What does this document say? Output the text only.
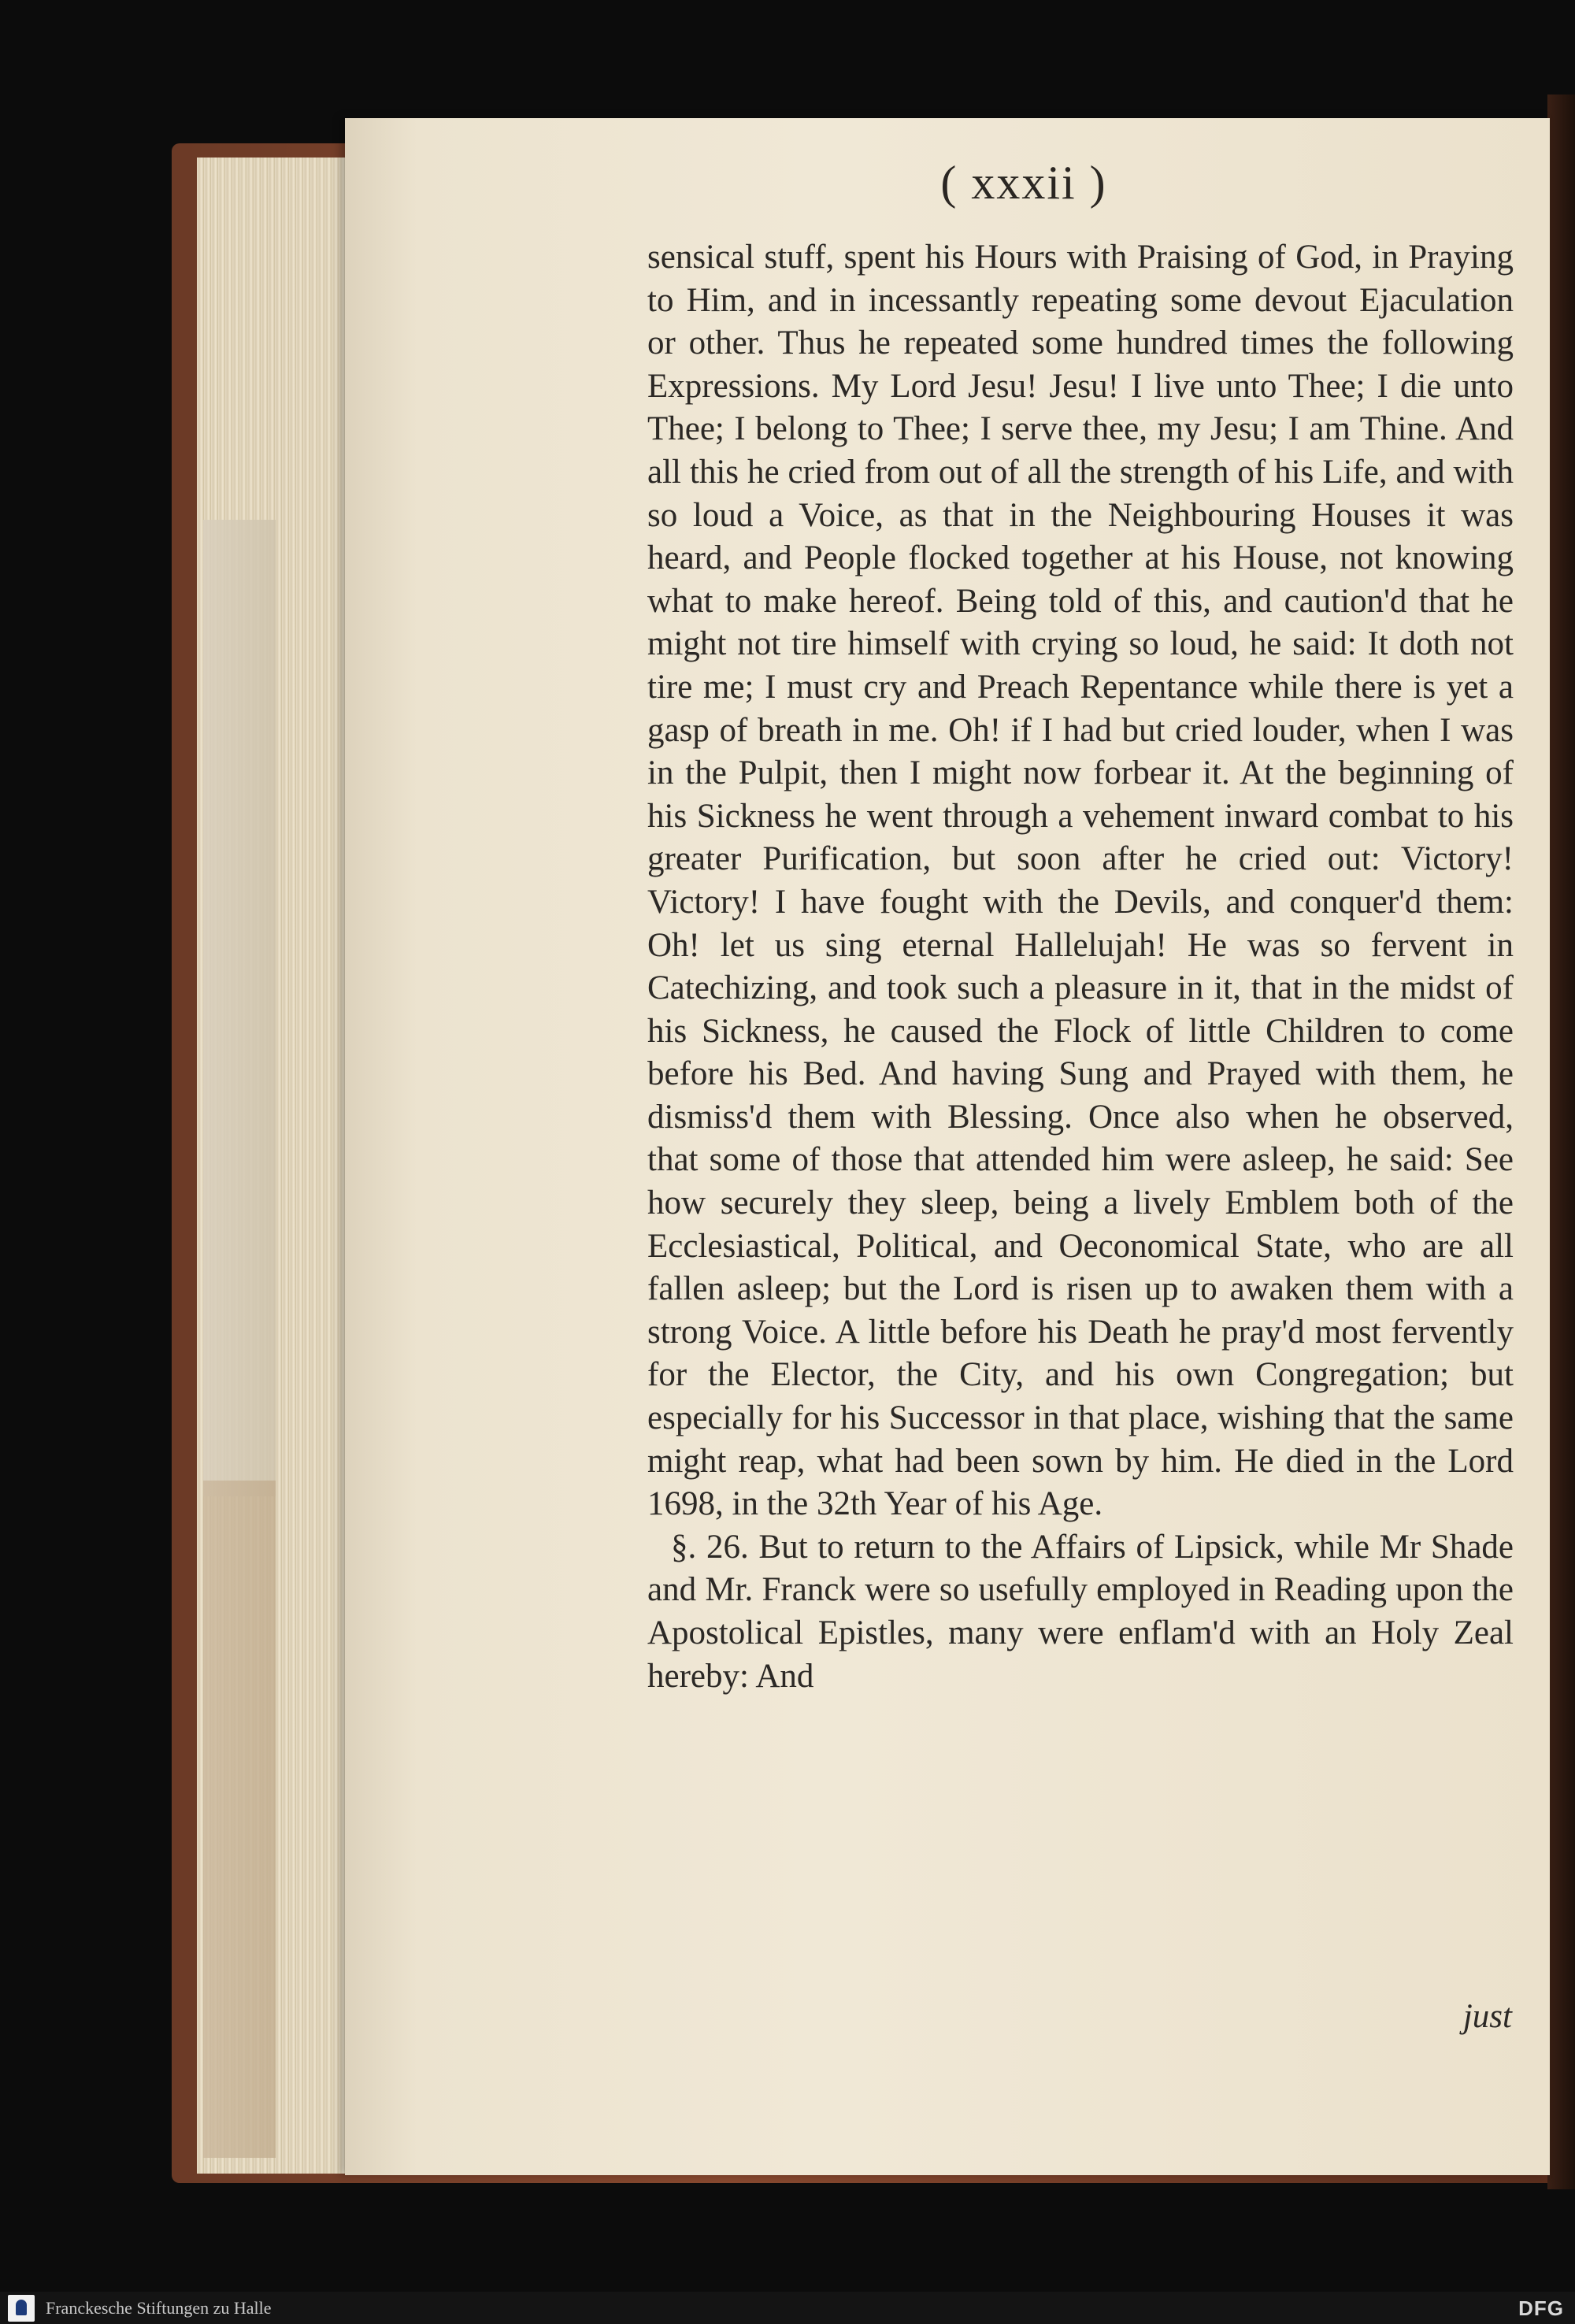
( xxxii )

sensical stuff, spent his Hours with Praising of God, in Praying to Him, and in incessantly repeating some devout Ejaculation or other. Thus he repeated some hundred times the following Expressions. My Lord Jesu! Jesu! I live unto Thee; I die unto Thee; I belong to Thee; I serve thee, my Jesu; I am Thine. And all this he cried from out of all the strength of his Life, and with so loud a Voice, as that in the Neighbouring Houses it was heard, and People flocked together at his House, not knowing what to make hereof. Being told of this, and caution'd that he might not tire himself with crying so loud, he said: It doth not tire me; I must cry and Preach Repentance while there is yet a gasp of breath in me. Oh! if I had but cried louder, when I was in the Pulpit, then I might now forbear it. At the beginning of his Sickness he went through a vehement inward combat to his greater Purification, but soon after he cried out: Victory! Victory! I have fought with the Devils, and conquer'd them: Oh! let us sing eternal Hallelujah! He was so fervent in Catechizing, and took such a pleasure in it, that in the midst of his Sickness, he caused the Flock of little Children to come before his Bed. And having Sung and Prayed with them, he dismiss'd them with Blessing. Once also when he observed, that some of those that attended him were asleep, he said: See how securely they sleep, being a lively Emblem both of the Ecclesiastical, Political, and Oeconomical State, who are all fallen asleep; but the Lord is risen up to awaken them with a strong Voice. A little before his Death he pray'd most fervently for the Elector, the City, and his own Congregation; but especially for his Successor in that place, wishing that the same might reap, what had been sown by him. He died in the Lord 1698, in the 32th Year of his Age.

§. 26. But to return to the Affairs of Lipsick, while Mr Shade and Mr. Franck were so usefully employed in Reading upon the Apostolical Epistles, many were enflam'd with an Holy Zeal hereby: And

just
Franckesche Stiftungen zu Halle	DFG
